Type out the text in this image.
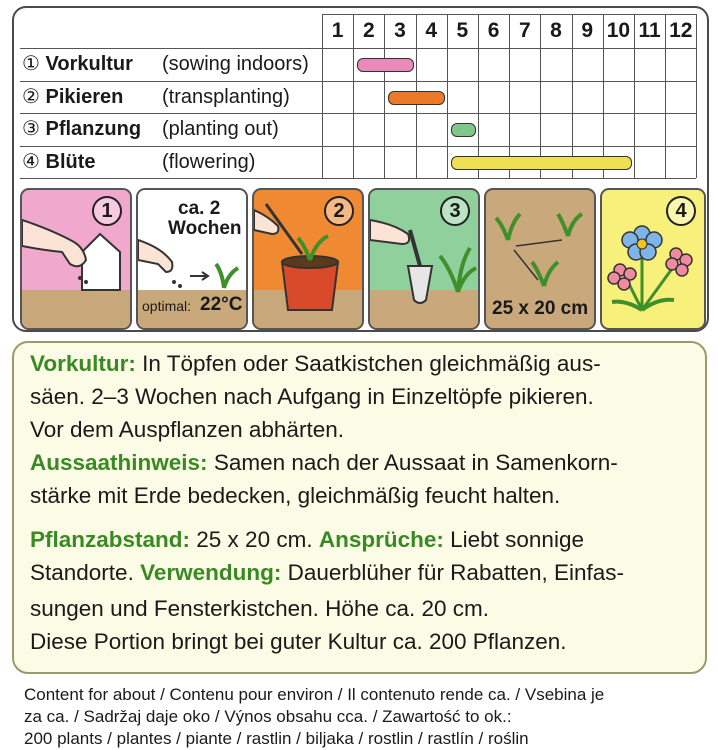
1 2 3 4 5 6 7 8 9 10 11 12
① Vorkultur (sowing indoors)
② Pikieren (transplanting)
③ Pflanzung (planting out)
④ Blüte	(flowering)
1	ca. 2
Wochen
optimal: 22°C
2	3
25 x 20 cm
4

Vorkultur: In Töpfen oder Saatkistchen gleichmäßig aus-

säen. 2–3 Wochen nach Aufgang in Einzeltöpfe pikieren.

Vor dem Auspflanzen abhärten.

Aussaathinweis: Samen nach der Aussaat in Samenkorn-

stärke mit Erde bedecken, gleichmäßig feucht halten.

Pflanzabstand: 25 x 20 cm. Ansprüche: Liebt sonnige

Standorte. Verwendung: Dauerblüher für Rabatten, Einfas-

sungen und Fensterkistchen. Höhe ca. 20 cm.

Diese Portion bringt bei guter Kultur ca. 200 Pflanzen.

Content for about / Contenu pour environ / Il contenuto rende ca. / Vsebina je
za ca. / Sadržaj daje oko / Výnos obsahu cca. / Zawartość to ok.:
200 plants / plantes / piante / rastlin / biljaka / rostlin / rastlín / roślin
